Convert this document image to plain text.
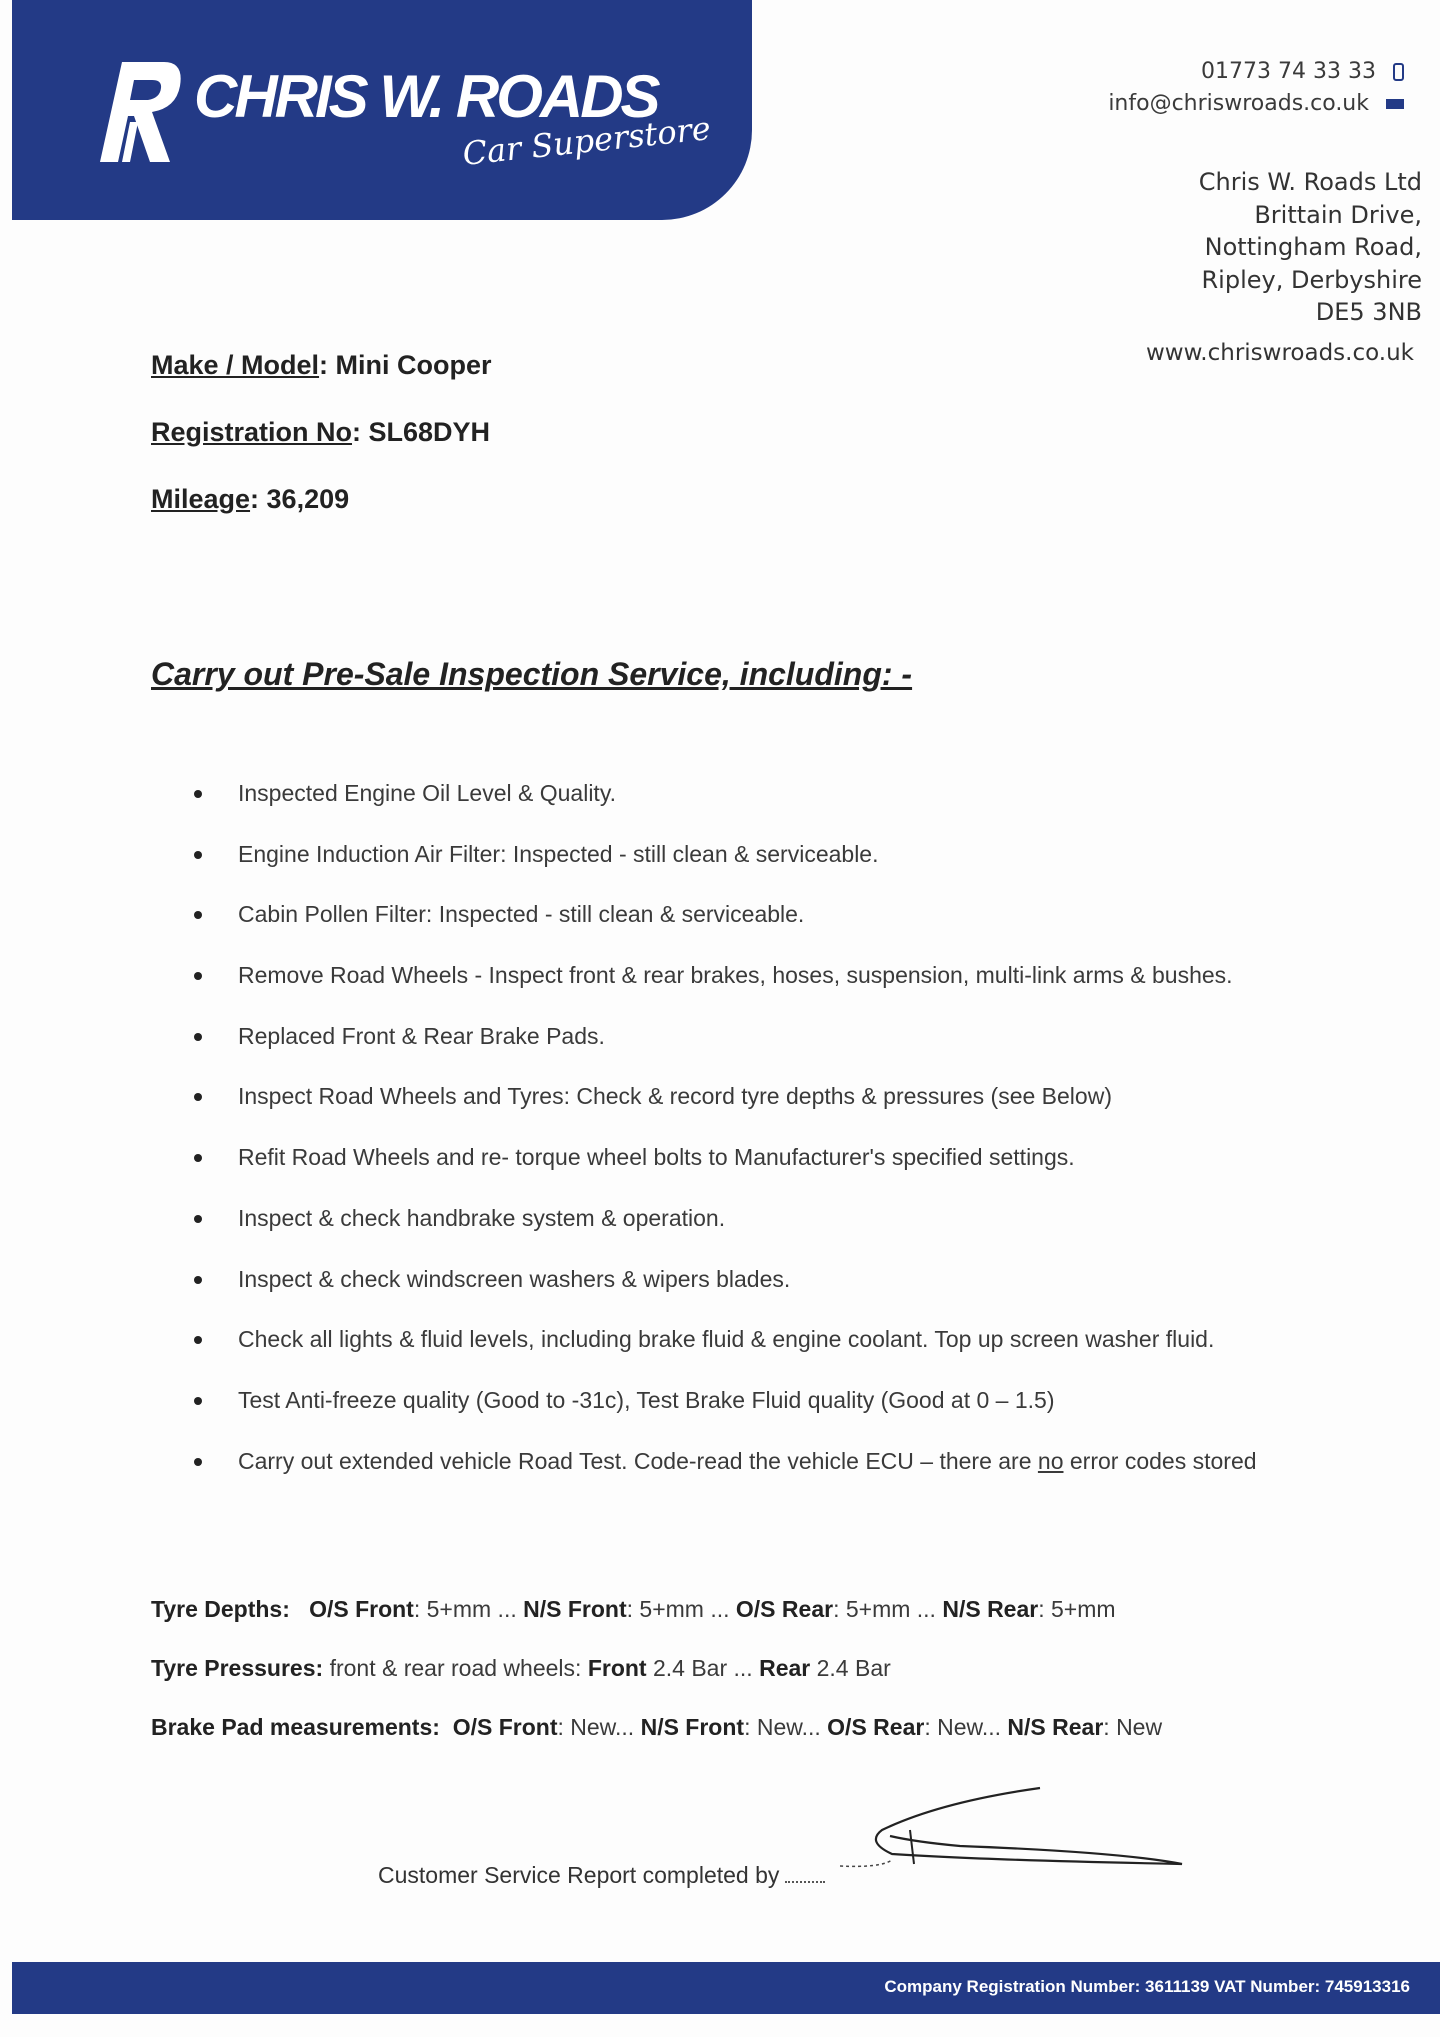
CHRIS W. ROADS
Car Superstore
01773 74 33 33
info@chriswroads.co.uk
Chris W. Roads Ltd
Brittain Drive,
Nottingham Road,
Ripley, Derbyshire
DE5 3NB
www.chriswroads.co.uk
Make / Model: Mini Cooper
Registration No: SL68DYH
Mileage: 36,209
Carry out Pre-Sale Inspection Service, including: -
Inspected Engine Oil Level & Quality.
Engine Induction Air Filter: Inspected - still clean & serviceable.
Cabin Pollen Filter: Inspected - still clean & serviceable.
Remove Road Wheels - Inspect front & rear brakes, hoses, suspension, multi-link arms & bushes.
Replaced Front & Rear Brake Pads.
Inspect Road Wheels and Tyres: Check & record tyre depths & pressures (see Below)
Refit Road Wheels and re- torque wheel bolts to Manufacturer's specified settings.
Inspect & check handbrake system & operation.
Inspect & check windscreen washers & wipers blades.
Check all lights & fluid levels, including brake fluid & engine coolant. Top up screen washer fluid.
Test Anti-freeze quality (Good to -31c), Test Brake Fluid quality (Good at 0 – 1.5)
Carry out extended vehicle Road Test. Code-read the vehicle ECU – there are no error codes stored
Tyre Depths: O/S Front: 5+mm ... N/S Front: 5+mm ... O/S Rear: 5+mm ... N/S Rear: 5+mm
Tyre Pressures: front & rear road wheels: Front 2.4 Bar ... Rear 2.4 Bar
Brake Pad measurements: O/S Front: New... N/S Front: New... O/S Rear: New... N/S Rear: New
Customer Service Report completed by
Company Registration Number: 3611139 VAT Number: 745913316
